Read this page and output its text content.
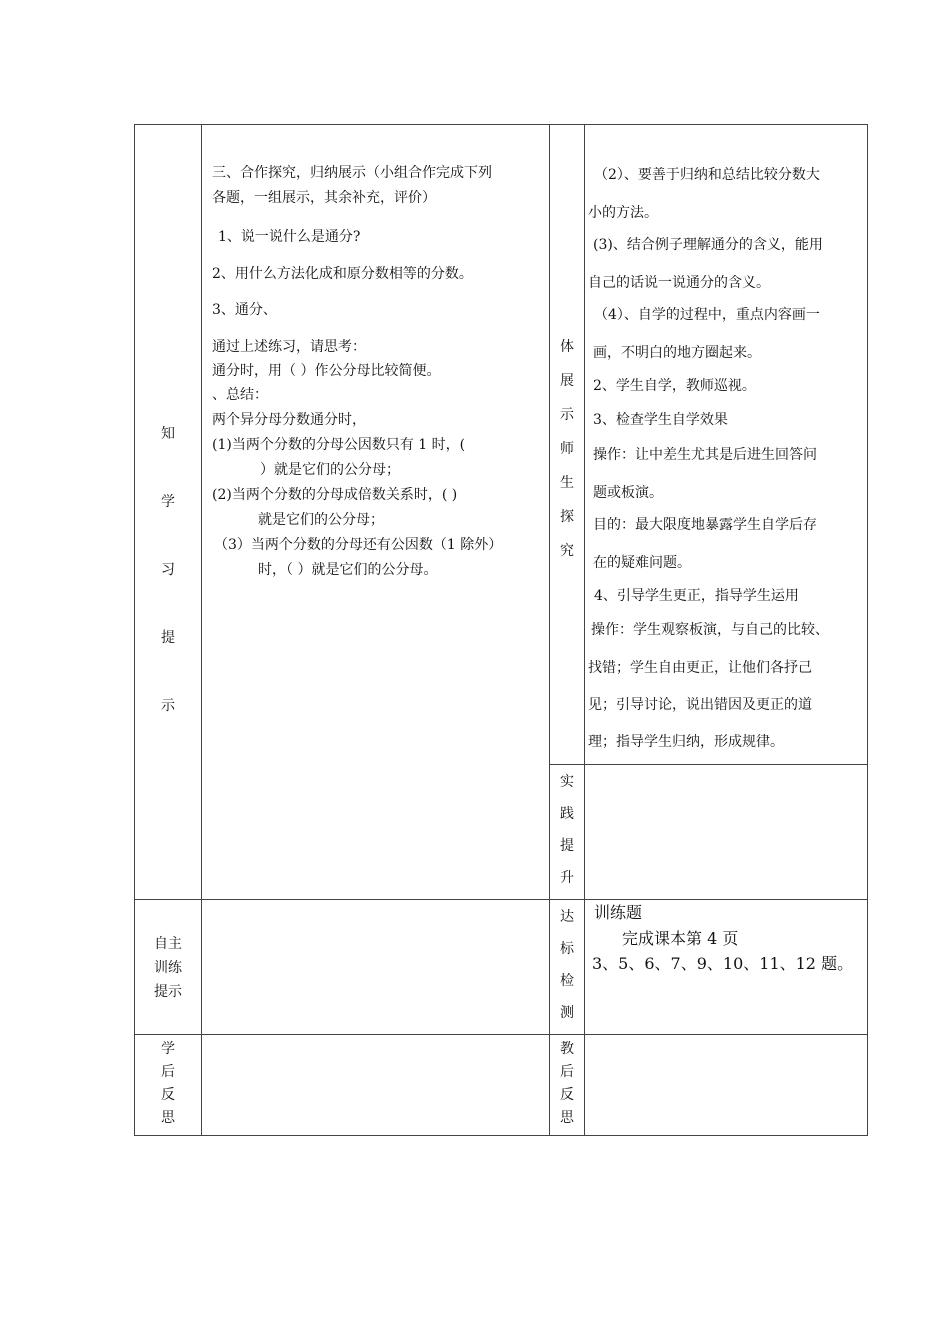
知
学
习
提
示
自主
训练
提示
学
后
反
思
体
展
示
师
生
探
究
实
践
提
升
达
标
检
测
教
后
反
思
三、合作探究，归纳展示（小组合作完成下列
各题，一组展示，其余补充，评价）
1、说一说什么是通分?
2、用什么方法化成和原分数相等的分数。
3、通分、
通过上述练习，请思考：
通分时，用（ ）作公分母比较简便。
、总结：
两个异分母分数通分时，
(1)当两个分数的分母公因数只有 1 时，(
）就是它们的公分母；
(2)当两个分数的分母成倍数关系时，( )
就是它们的公分母；
（3）当两个分数的分母还有公因数（1 除外）
时，（ ）就是它们的公分母。
（2）、要善于归纳和总结比较分数大
小的方法。
(3)、结合例子理解通分的含义，能用
自己的话说一说通分的含义。
（4）、自学的过程中，重点内容画一
画，不明白的地方圈起来。
2、学生自学，教师巡视。
3、检查学生自学效果
操作：让中差生尤其是后进生回答问
题或板演。
目的：最大限度地暴露学生自学后存
在的疑难问题。
4、引导学生更正，指导学生运用
操作：学生观察板演，与自己的比较、
找错；学生自由更正，让他们各抒己
见；引导讨论，说出错因及更正的道
理；指导学生归纳，形成规律。
训练题
完成课本第 4 页
3、5、6、7、9、10、11、12 题。
